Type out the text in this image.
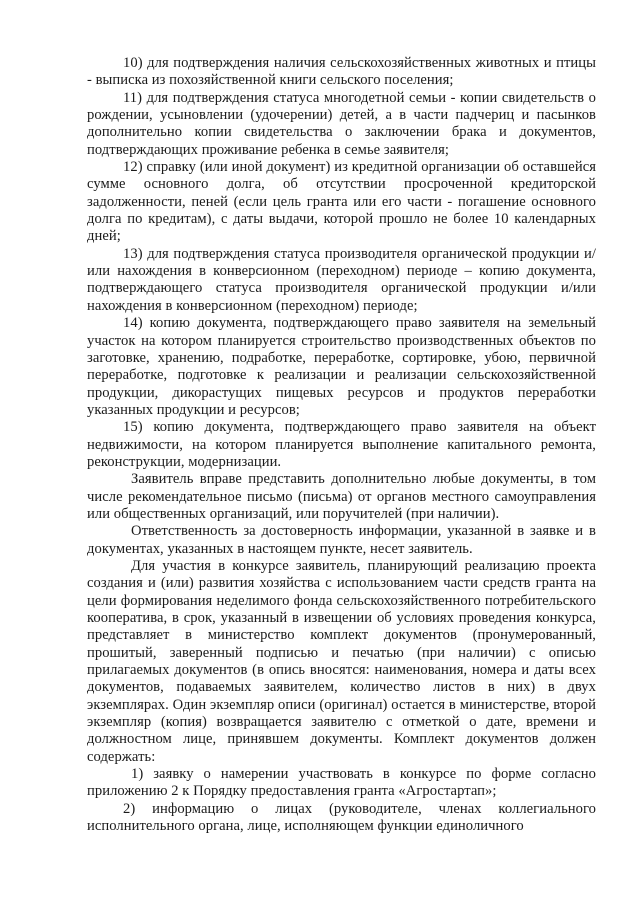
10) для подтверждения наличия сельскохозяйственных животных и птицы - выписка из похозяйственной книги сельского поселения;

11) для подтверждения статуса многодетной семьи - копии свидетельств о рождении, усыновлении (удочерении) детей, а в части падчериц и пасынков дополнительно копии свидетельства о заключении брака и документов, подтверждающих проживание ребенка в семье заявителя;

12) справку (или иной документ) из кредитной организации об оставшейся сумме основного долга, об отсутствии просроченной кредиторской задолженности, пеней (если цель гранта или его части - погашение основного долга по кредитам), с даты выдачи, которой прошло не более 10 календарных дней;

13) для подтверждения статуса производителя органической продукции и/или нахождения в конверсионном (переходном) периоде – копию документа, подтверждающего статуса производителя органической продукции и/или нахождения в конверсионном (переходном) периоде;

14) копию документа, подтверждающего право заявителя на земельный участок на котором планируется строительство производственных объектов по заготовке, хранению, подработке, переработке, сортировке, убою, первичной переработке, подготовке к реализации и реализации сельскохозяйственной продукции, дикорастущих пищевых ресурсов и продуктов переработки указанных продукции и ресурсов;

15) копию документа, подтверждающего право заявителя на объект недвижимости, на котором планируется выполнение капитального ремонта, реконструкции, модернизации.

Заявитель вправе представить дополнительно любые документы, в том числе рекомендательное письмо (письма) от органов местного самоуправления или общественных организаций, или поручителей (при наличии).

Ответственность за достоверность информации, указанной в заявке и в документах, указанных в настоящем пункте, несет заявитель.

Для участия в конкурсе заявитель, планирующий реализацию проекта создания и (или) развития хозяйства с использованием части средств гранта на цели формирования неделимого фонда сельскохозяйственного потребительского кооператива, в срок, указанный в извещении об условиях проведения конкурса, представляет в министерство комплект документов (пронумерованный, прошитый, заверенный подписью и печатью (при наличии) с описью прилагаемых документов (в опись вносятся: наименования, номера и даты всех документов, подаваемых заявителем, количество листов в них) в двух экземплярах. Один экземпляр описи (оригинал) остается в министерстве, второй экземпляр (копия) возвращается заявителю с отметкой о дате, времени и должностном лице, принявшем документы. Комплект документов должен содержать:

1) заявку о намерении участвовать в конкурсе по форме согласно приложению 2 к Порядку предоставления гранта «Агростартап»;

2) информацию о лицах (руководителе, членах коллегиального исполнительного органа, лице, исполняющем функции единоличного
